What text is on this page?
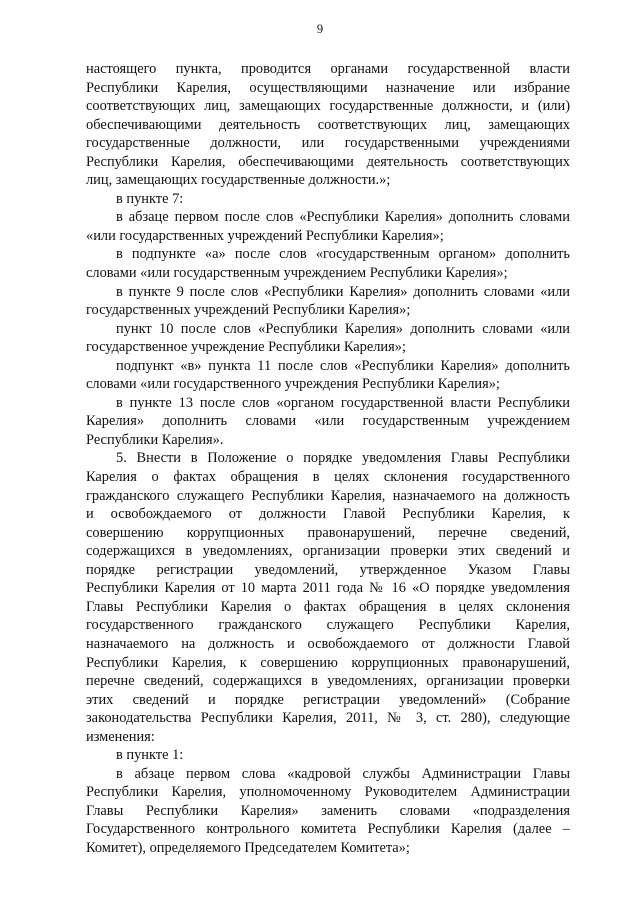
9
настоящего пункта, проводится органами государственной власти
Республики Карелия, осуществляющими назначение или избрание
соответствующих лиц, замещающих государственные должности, и (или)
обеспечивающими деятельность соответствующих лиц, замещающих
государственные должности, или государственными учреждениями
Республики Карелия, обеспечивающими деятельность соответствующих
лиц, замещающих государственные должности.»;
в пункте 7:
в абзаце первом после слов «Республики Карелия» дополнить словами
«или государственных учреждений Республики Карелия»;
в подпункте «а» после слов «государственным органом» дополнить
словами «или государственным учреждением Республики Карелия»;
в пункте 9 после слов «Республики Карелия» дополнить словами «или
государственных учреждений Республики Карелия»;
пункт 10 после слов «Республики Карелия» дополнить словами «или
государственное учреждение Республики Карелия»;
подпункт «в» пункта 11 после слов «Республики Карелия» дополнить
словами «или государственного учреждения Республики Карелия»;
в пункте 13 после слов «органом государственной власти Республики
Карелия» дополнить словами «или государственным учреждением
Республики Карелия».
5. Внести в Положение о порядке уведомления Главы Республики
Карелия о фактах обращения в целях склонения государственного
гражданского служащего Республики Карелия, назначаемого на должность
и освобождаемого от должности Главой Республики Карелия, к
совершению коррупционных правонарушений, перечне сведений,
содержащихся в уведомлениях, организации проверки этих сведений и
порядке регистрации уведомлений, утвержденное Указом Главы
Республики Карелия от 10 марта 2011 года № 16 «О порядке уведомления
Главы Республики Карелия о фактах обращения в целях склонения
государственного гражданского служащего Республики Карелия,
назначаемого на должность и освобождаемого от должности Главой
Республики Карелия, к совершению коррупционных правонарушений,
перечне сведений, содержащихся в уведомлениях, организации проверки
этих сведений и порядке регистрации уведомлений» (Собрание
законодательства Республики Карелия, 2011, № 3, ст. 280), следующие
изменения:
в пункте 1:
в абзаце первом слова «кадровой службы Администрации Главы
Республики Карелия, уполномоченному Руководителем Администрации
Главы Республики Карелия» заменить словами «подразделения
Государственного контрольного комитета Республики Карелия (далее –
Комитет), определяемого Председателем Комитета»;
